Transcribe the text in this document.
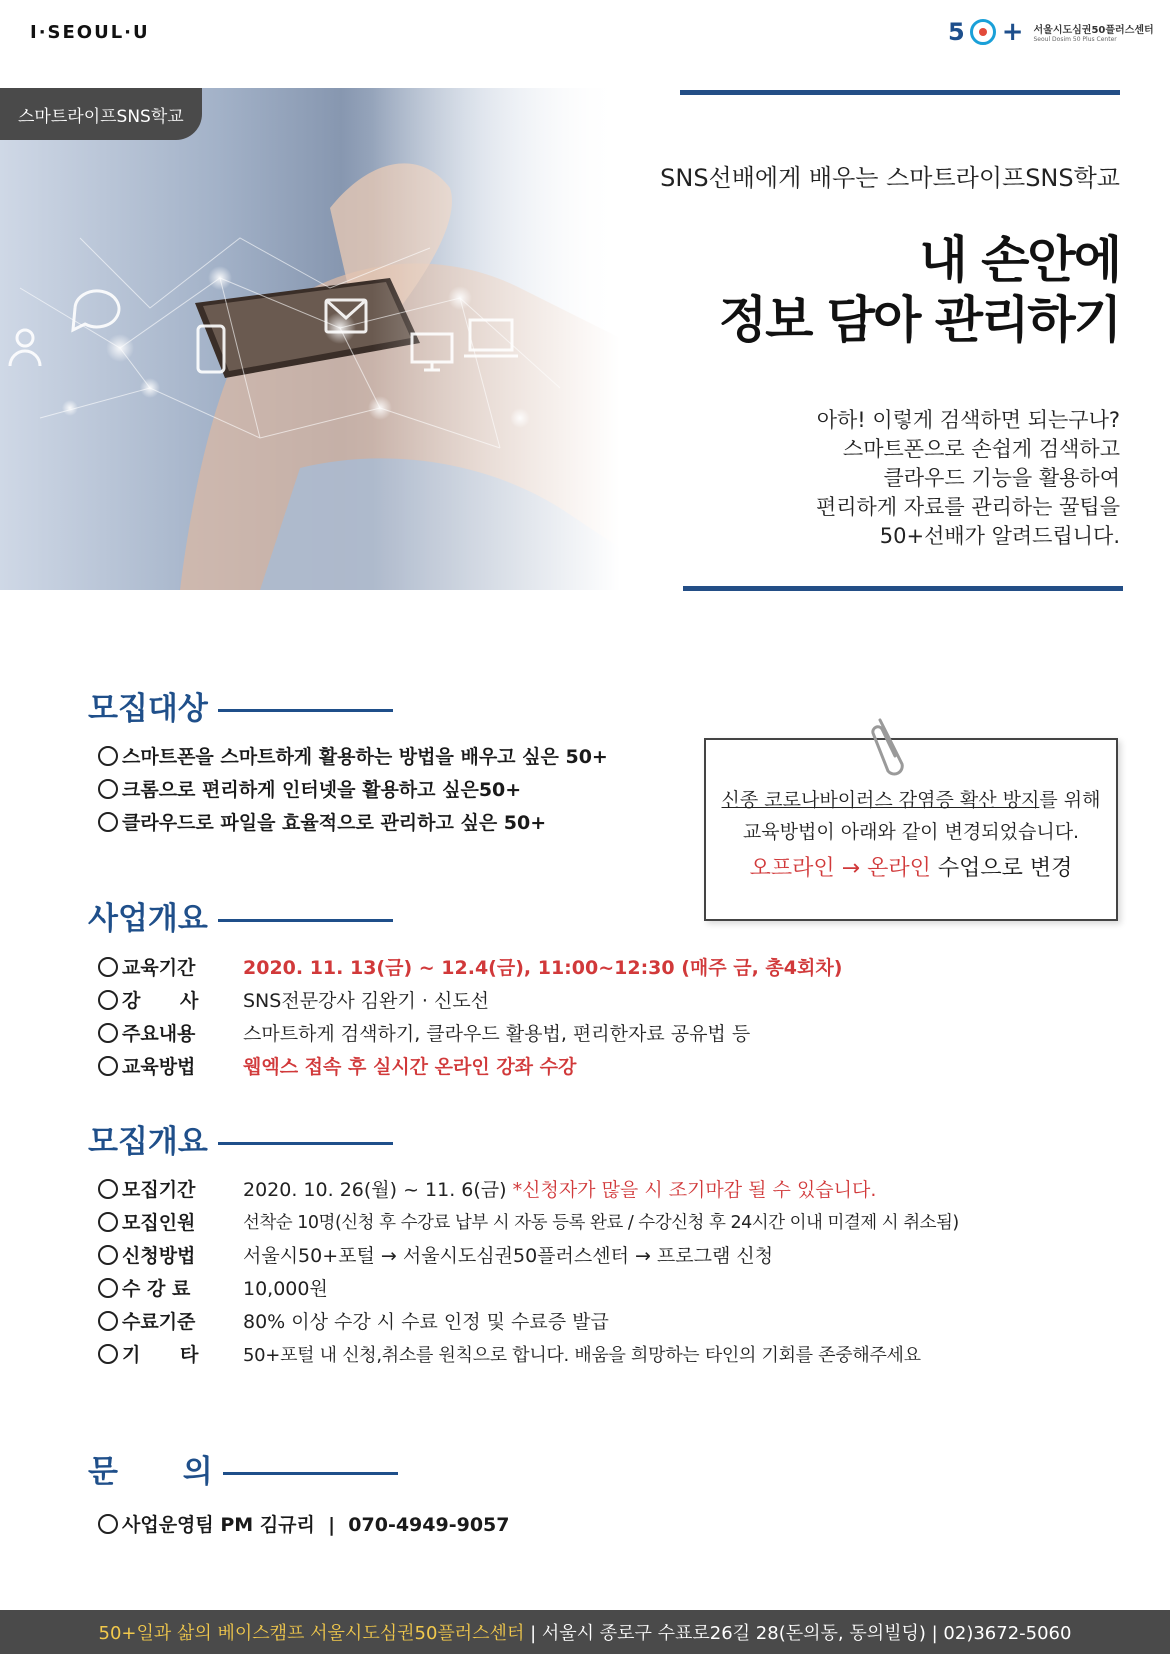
I·SEOUL·U	5 + 서울시도심권50플러스센터
Seoul Dosim 50 Plus Center
스마트라이프SNS학교
SNS선배에게 배우는 스마트라이프SNS학교
내 손안에
정보 담아 관리하기
아하! 이렇게 검색하면 되는구나?
스마트폰으로 손쉽게 검색하고
클라우드 기능을 활용하여
편리하게 자료를 관리하는 꿀팁을
50+선배가 알려드립니다.
모집대상
스마트폰을 스마트하게 활용하는 방법을 배우고 싶은 50+
크롬으로 편리하게 인터넷을 활용하고 싶은50+
클라우드로 파일을 효율적으로 관리하고 싶은 50+
신종 코로나바이러스 감염증 확산 방지를 위해
교육방법이 아래와 같이 변경되었습니다.
오프라인 → 온라인 수업으로 변경
사업개요
교육기간	2020. 11. 13(금) ~ 12.4(금), 11:00~12:30 (매주 금, 총4회차)
강      사	SNS전문강사 김완기 · 신도선
주요내용	스마트하게 검색하기, 클라우드 활용법, 편리한자료 공유법 등
교육방법	웹엑스 접속 후 실시간 온라인 강좌 수강
모집개요
모집기간	2020. 10. 26(월) ~ 11. 6(금) *신청자가 많을 시 조기마감 될 수 있습니다.
모집인원	선착순 10명(신청 후 수강료 납부 시 자동 등록 완료 / 수강신청 후 24시간 이내 미결제 시 취소됨)
신청방법	서울시50+포털 → 서울시도심권50플러스센터 → 프로그램 신청
수 강 료	10,000원
수료기준	80% 이상 수강 시 수료 인정 및 수료증 발급
기      타	50+포털 내 신청,취소를 원칙으로 합니다. 배움을 희망하는 타인의 기회를 존중해주세요
문      의
사업운영팀 PM 김규리  |  070-4949-9057
50+일과 삶의 베이스캠프 서울시도심권50플러스센터 | 서울시 종로구 수표로26길 28(돈의동, 동의빌딩) | 02)3672-5060
